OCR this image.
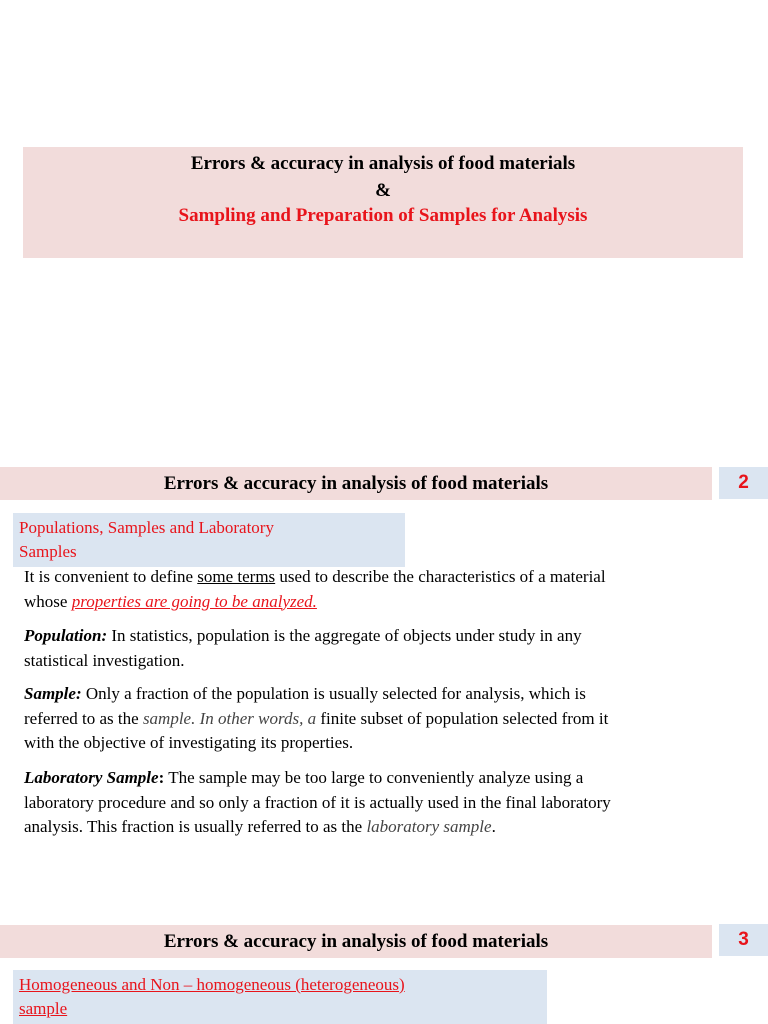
Errors & accuracy in analysis of food materials
&
Sampling and Preparation of Samples for Analysis
Errors & accuracy in analysis of food materials	2
Populations, Samples and Laboratory
Samples
It is convenient to define some terms used to describe the characteristics of a material
whose properties are going to be analyzed.
Population: In statistics, population is the aggregate of objects under study in any
statistical investigation.
Sample: Only a fraction of the population is usually selected for analysis, which is
referred to as the sample. In other words, a finite subset of population selected from it
with the objective of investigating its properties.
Laboratory Sample: The sample may be too large to conveniently analyze using a
laboratory procedure and so only a fraction of it is actually used in the final laboratory
analysis. This fraction is usually referred to as the laboratory sample.
Errors & accuracy in analysis of food materials	3
Homogeneous and Non – homogeneous (heterogeneous)
sample
